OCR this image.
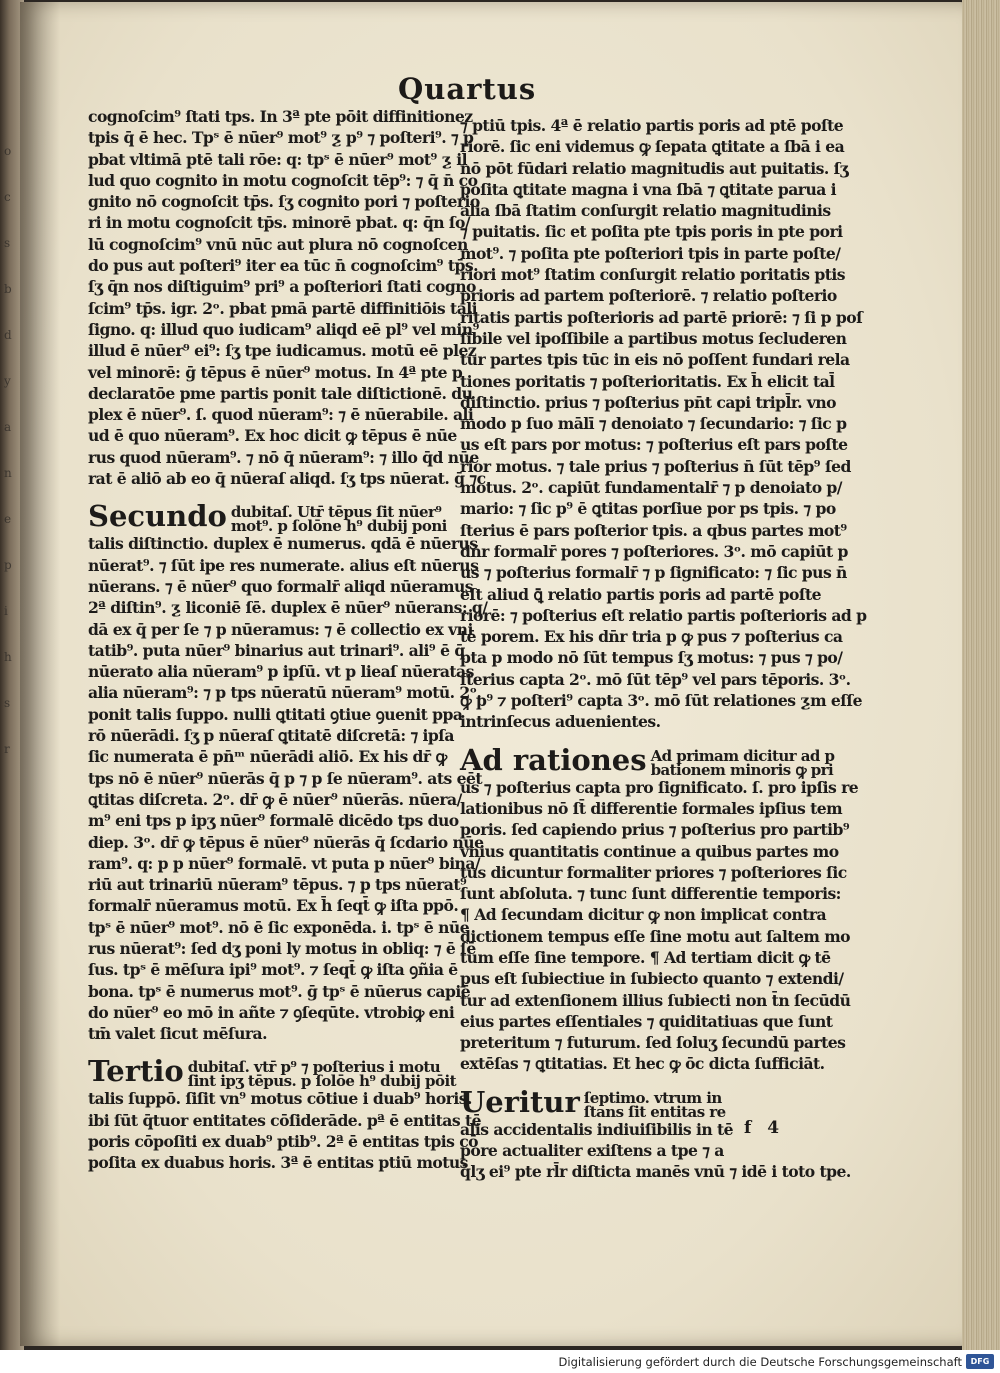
o
c
s
b
d
y
a
n
e
p
i
h
s
r
Quartus
cognoſcim⁹ ſtati tps. In 3ª pte pōit diffinitionez
tpis q̄ ē hec. Tpˢ ē nūer⁹ mot⁹ ƺ p⁹ ⁊ poſteri⁹. ⁊ p
pbat vltimā ptē tali rōe: q: tpˢ ē nūer⁹ mot⁹ ƺ il
lud quo cognito in motu cognoſcit tēp⁹: ⁊ q̄ n̄ co
gnito nō cognoſcit tp̄s. ſʒ cognito pori ⁊ poſterio
ri in motu cognoſcit tp̄s. minorē pbat. q: q̄n ſo/
lū cognoſcim⁹ vnū nūc aut plura nō cognoſcen
do pus aut poſteri⁹ iter ea tūc n̄ cognoſcim⁹ tp̄s.
ſʒ q̄n nos diſtiguim⁹ pri⁹ a poſteriori ſtati cogno
ſcim⁹ tp̄s. igr. 2ᵒ. pbat pmā partē diffinitiōis tali
ſigno. q: illud quo iudicam⁹ aliqd eē pl⁹ vel min⁹
illud ē nūer⁹ ei⁹: ſʒ tpe iudicamus. motū eē plez
vel minorē: ḡ tēpus ē nūer⁹ motus. In 4ª pte p
declaratōe pme partis ponit tale diſtictionē. du
plex ē nūer⁹. ſ. quod nūeram⁹: ⁊ ē nūerabile. ali
ud ē quo nūeram⁹. Ex hoc dicit ꝙ tēpus ē nūe
rus quod nūeram⁹. ⁊ nō q̄ nūeram⁹: ⁊ illo q̄d nūe
rat ē aliō ab eo q̄ nūeraſ aliqd. ſʒ tps nūerat. ḡ ⁊c
Secundo dubitaſ. Utr̄ tēpus ſit nūer⁹
mot⁹. p ſolōne h⁹ dubij poni
talis diſtinctio. duplex ē numerus. qdā ē nūerus
nūerat⁹. ⁊ ſūt ipe res numerate. alius eſt nūerus
nūerans. ⁊ ē nūer⁹ quo formalr̄ aliqd nūeramus
2ª diſtin⁹. ƺ liconiē ſē. duplex ē nūer⁹ nūerans: q/
dā ex q̄ per ſe ⁊ p nūeramus: ⁊ ē collectio ex vni
tatib⁹. puta nūer⁹ binarius aut trinari⁹. ali⁹ ē q̄
nūerato alia nūeram⁹ p ipſū. vt p lieaſ nūeratas
alia nūeram⁹: ⁊ p tps nūeratū nūeram⁹ motū. 2ᵒ.
ponit talis ſuppo. nulli ꝗtitati ꝯtiue ꝯuenit ppa
rō nūerādi. ſʒ p nūeraſ ꝗtitatē diſcretā: ⁊ ipſa
ſic numerata ē pn̄ᵐ nūerādi aliō. Ex his dr̄ ꝙ
tps nō ē nūer⁹ nūerās q̄ p ⁊ p ſe nūeram⁹. ats eēt
ꝗtitas diſcreta. 2ᵒ. dr̄ ꝙ ē nūer⁹ nūerās. nūera/
m⁹ eni tps p ipʒ nūer⁹ formalē dicēdo tps duo
diep. 3ᵒ. dr̄ ꝙ tēpus ē nūer⁹ nūerās q̄ ſcdario nūe
ram⁹. q: p p nūer⁹ formalē. vt puta p nūer⁹ bina/
riū aut trinariū nūeram⁹ tēpus. ⁊ p tps nūerat⁹
formalr̄ nūeramus motū. Ex h̄ ſeqt̄ ꝙ iſta ppō.
tpˢ ē nūer⁹ mot⁹. nō ē ſic exponēda. i. tpˢ ē nūe
rus nūerat⁹: ſed dʒ poni ly motus in obliq: ⁊ ē ſē
ſus. tpˢ ē mēſura ipi⁹ mot⁹. ⁊ ſeqt̄ ꝙ iſta ꝯñia ē
bona. tpˢ ē numerus mot⁹. ḡ tpˢ ē nūerus capiē
do nūer⁹ eo mō in añte ⁊ ꝯſeqūte. vtrobiꝙ eni
tm̄ valet ſicut mēſura.
Tertio dubitaſ. vtr̄ p⁹ ⁊ poſterius i motu
ſint ipʒ tēpus. p ſolōe h⁹ dubij pōit
talis ſuppō. ſiſit vn⁹ motus cōtiue i duab⁹ horis.
ibi ſūt q̄tuor entitates cōſiderāde. pª ē entitas tē
poris cōpoſiti ex duab⁹ ptib⁹. 2ª ē entitas tpis cō
poſita ex duabus horis. 3ª ē entitas ptiū motus
⁊ ptiū tpis. 4ª ē relatio partis poris ad ptē poſte
riorē. ſic eni videmus ꝙ ſepata ꝗtitate a ſbā i ea
nō pōt fūdari relatio magnitudis aut puitatis. ſʒ
poſita ꝗtitate magna i vna ſbā ⁊ ꝗtitate parua i
alia ſbā ſtatim conſurgit relatio magnitudinis
⁊ puitatis. ſic et poſita pte tpis poris in pte pori
mot⁹. ⁊ poſita pte poſteriori tpis in parte poſte/
riori mot⁹ ſtatim conſurgit relatio poritatis ptis
prioris ad partem poſteriorē. ⁊ relatio poſterio
ritatis partis poſterioris ad partē priorē: ⁊ ſi p poſ
ſibile vel ipoſſibile a partibus motus ſecluderen
tur partes tpis tūc in eis nō poſſent fundari rela
tiones poritatis ⁊ poſterioritatis. Ex h̄ elicit tal̄
diſtinctio. prius ⁊ poſterius pn̄t capi tripl̄r. vno
modo p ſuo mālī ⁊ denoiato ⁊ ſecundario: ⁊ ſic p
us eſt pars por motus: ⁊ poſterius eſt pars poſte
rior motus. ⁊ tale prius ⁊ poſterius n̄ ſūt tēp⁹ ſed
motus. 2ᵒ. capiūt fundamentalr̄ ⁊ p denoiato p/
mario: ⁊ ſic p⁹ ē ꝗtitas porſiue por ps tpis. ⁊ po
ſterius ē pars poſterior tpis. a qbus partes mot⁹
dn̄r formalr̄ pores ⁊ poſteriores. 3ᵒ. mō capiūt p
us ⁊ poſterius formalr̄ ⁊ p ſignificato: ⁊ ſic pus n̄
eſt aliud ꝗ̄ relatio partis poris ad partē poſte
riorē: ⁊ poſterius eſt relatio partis poſterioris ad p
tē porem. Ex his dn̄r tria p ꝙ pus ⁊ poſterius ca
pta p modo nō ſūt tempus ſʒ motus: ⁊ pus ⁊ po/
ſterius capta 2ᵒ. mō ſūt tēp⁹ vel pars tēporis. 3ᵒ.
ꝙ p⁹ ⁊ poſteri⁹ capta 3ᵒ. mō ſūt relationes ƺm eſſe
intrinſecus aduenientes.
Ad rationes Ad primam dicitur ad p
bationem minoris ꝙ pri
us ⁊ poſterius capta pro ſignificato. ſ. pro ipſis re
lationibus nō ſt̄ differentie formales ipſius tem
poris. ſed capiendo prius ⁊ poſterius pro partib⁹
vnius quantitatis continue a quibus partes mo
tus dicuntur formaliter priores ⁊ poſteriores ſic
ſunt abſoluta. ⁊ tunc ſunt differentie temporis:
¶ Ad ſecundam dicitur ꝙ non implicat contra
dictionem tempus eſſe ſine motu aut ſaltem mo
tum eſſe ſine tempore. ¶ Ad tertiam dicit ꝙ tē
pus eſt ſubiectiue in ſubiecto quanto ⁊ extendi/
tur ad extenſionem illius ſubiecti non t̄n ſecūdū
eius partes eſſentiales ⁊ quiditatiuas que ſunt
preteritum ⁊ futurum. ſed ſoluʒ ſecundū partes
extēſas ⁊ ꝗtitatias. Et hec ꝙ ōc dicta ſufficiāt.
Ueritur ſeptimo. vtrum in
ſtans ſit entitas re
alis accidentalis indiuiſibilis in tē
pore actualiter exiſtens a tpe ⁊ a
q̄lʒ ei⁹ pte rl̄r diſticta manēs vnū ⁊ idē i toto tpe.
f 4
Digitalisierung gefördert durch die Deutsche Forschungsgemeinschaft	DFG
